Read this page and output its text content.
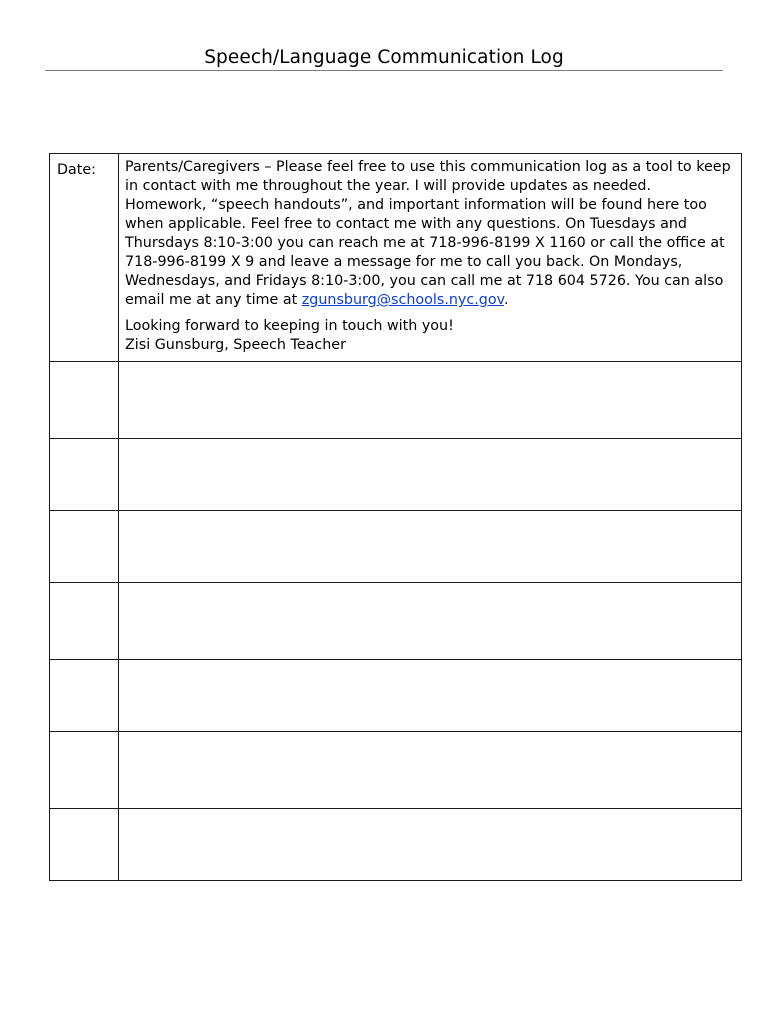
Speech/Language Communication Log
Date:	Parents/Caregivers – Please feel free to use this communication log as a tool to keep in contact with me throughout the year. I will provide updates as needed. Homework, “speech handouts”, and important information will be found here too when applicable. Feel free to contact me with any questions. On Tuesdays and Thursdays 8:10-3:00 you can reach me at 718-996-8199 X 1160 or call the office at 718-996-8199 X 9 and leave a message for me to call you back. On Mondays, Wednesdays, and Fridays 8:10-3:00, you can call me at 718 604 5726. You can also email me at any time at zgunsburg@schools.nyc.gov.

Looking forward to keeping in touch with you!
Zisi Gunsburg, Speech Teacher
